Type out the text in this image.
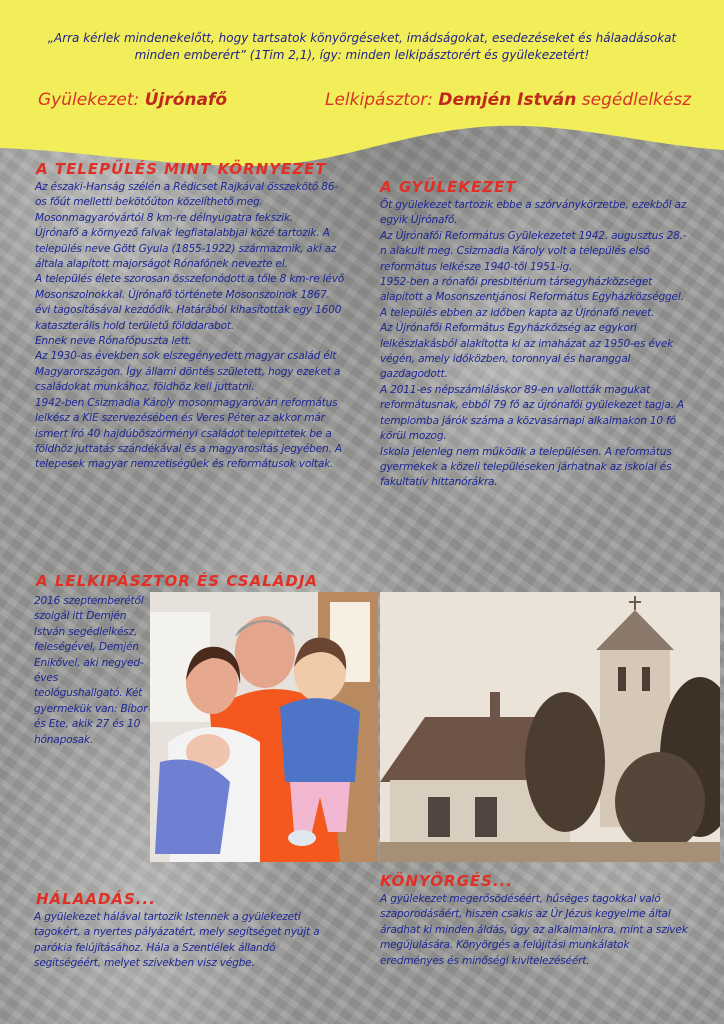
„Arra kérlek mindenekelőtt, hogy tartsatok könyörgéseket, imádságokat, esedezéseket és hálaadásokat minden emberért” (1Tim 2,1), így: minden lelkipásztorért és gyülekezetért!
Gyülekezet: Újrónafő	Lelkipásztor: Demjén István segédlelkész
A TELEPÜLÉS MINT KÖRNYEZET

Az északi-Hanság szélén a Rédicset Rajkával összekötő 86-os főút melletti bekötőúton közelíthető meg. Mosonmagyaróvártól 8 km-re délnyugatra fekszik.

Újrónafő a környező falvak legfiatalabbjai közé tartozik. A település neve Gött Gyula (1855-1922) származmik, aki az általa alapított majorságot Rónafőnek nevezte el.

A település élete szorosan összefonódott a tőle 8 km-re lévő Mosonszolnokkal. Újrónafő története Mosonszolnok 1867. évi tagosításával kezdődik. Határából kihasítottak egy 1600 kataszterális hold területű földdarabot.

Ennek neve Rónafőpuszta lett.

Az 1930-as években sok elszegényedett magyar család élt Magyarországon. Így állami döntés született, hogy ezeket a családokat munkához, földhöz kell juttatni.

1942-ben Csizmadia Károly mosonmagyaróvári református lelkész a KIE szervezésében és Veres Péter az akkor már ismert író 40 hajdúböszörményi családot telepíttetek be a földhöz juttatás szándékával és a magyarosítás jegyében. A telepesek magyar nemzetiségűek és reformátusok voltak.

A GYÜLEKEZET

Öt gyülekezet tartozik ebbe a szórványkörzetbe, ezekből az egyik Újrónafő.

Az Újrónafői Református Gyülekezetet 1942. augusztus 28.-n alakult meg. Csizmadia Károly volt a település első református lelkésze 1940-től 1951-ig.

1952-ben a rónafői presbitérium társegyházközséget alapított a Mosonszentjánosi Református Egyházközséggel.

A település ebben az időben kapta az Újrónafő nevet.

Az Újrónafői Református Egyházközség az egykori lelkészlakásból alakította ki az imaházat az 1950-es évek végén, amely időközben, toronnyal és haranggal gazdagodott.

A 2011-es népszámláláskor 89-en vallották magukat reformátusnak, ebből 79 fő az újrónafői gyülekezet tagja. A templomba járók száma a közvasárnapi alkalmakon 10 fő körül mozog.

Iskola jelenleg nem működik a településen. A református gyermekek a közeli településeken járhatnak az iskolai és fakultatív hittanórákra.

A LELKIPÁSZTOR ÉS CSALÁDJA
2016 szeptemberétől szolgál itt Demjén István segédlelkész, feleségével, Demjén Enikővel, aki negyed-éves teológushallgató. Két gyermekük van: Bíbor és Ete, akik 27 és 10 hónaposak.
HÁLAADÁS...
A gyülekezet hálával tartozik Istennek a gyülekezeti tagokért, a nyertes pályázatért, mely segítséget nyújt a parókia felújításához. Hála a Szentlélek állandó segítségéért, melyet szívekben visz végbe.
KÖNYÖRGÉS...
A gyülekezet megerősödéséért, hűséges tagokkal való szaporodásáért, hiszen csakis az Úr Jézus kegyelme által áradhat ki minden áldás, úgy az alkalmainkra, mint a szívek megújulására. Könyörgés a felújítási munkálatok eredményes és minőségi kivitelezéséért.
